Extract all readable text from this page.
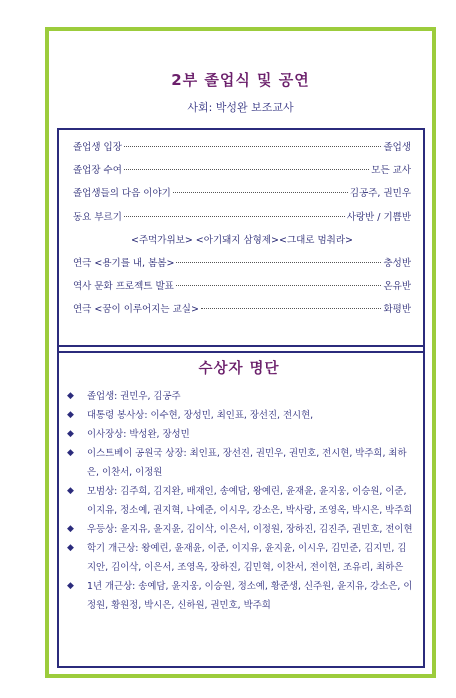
2부 졸업식 및 공연
사회: 박성완 보조교사
졸업생 입장	졸업생
졸업장 수여	모든 교사
졸업생들의 다음 이야기	김공주, 권민우
동요 부르기	사랑반 / 기쁨반
<주먹가위보> <아기돼지 삼형제><그대로 멈춰라>
연극 <용기를 내, 봄봄>	충성반
역사 문화 프로젝트 발표	온유반
연극 <꿈이 이루어지는 교실>	화평반
수상자 명단
◆ 졸업생: 권민우, 김공주
◆ 대통령 봉사상: 이수현, 장성민, 최인표, 장선진, 전시현,
◆ 이사장상: 박성완, 장성민
◆ 이스트베이 공원국 상장: 최인표, 장선진, 권민우, 권민호, 전시현, 박주희, 최하은, 이찬서, 이정원
◆ 모범상: 김주희, 김지완, 배재인, 송예담, 왕예린, 윤재윤, 윤지웅, 이승원, 이준, 이지유, 정소예, 권지혁, 나예준, 이시우, 강소은, 박사랑, 조영옥, 박시은, 박주희
◆ 우등상: 윤지유, 윤지윤, 김이삭, 이은서, 이정원, 장하진, 김진주, 권민호, 전이현
◆ 학기 개근상: 왕예린, 윤재윤, 이준, 이지유, 윤지윤, 이시우, 김민준, 김지민, 김지안, 김이삭, 이은서, 조영옥, 장하진, 김민혁, 이찬서, 전이현, 조유리, 최하은
◆ 1년 개근상: 송예담, 윤지웅, 이승원, 정소예, 황준생, 신주원, 윤지유, 강소은, 이정원, 황원정, 박시은, 신하원, 권민호, 박주희
